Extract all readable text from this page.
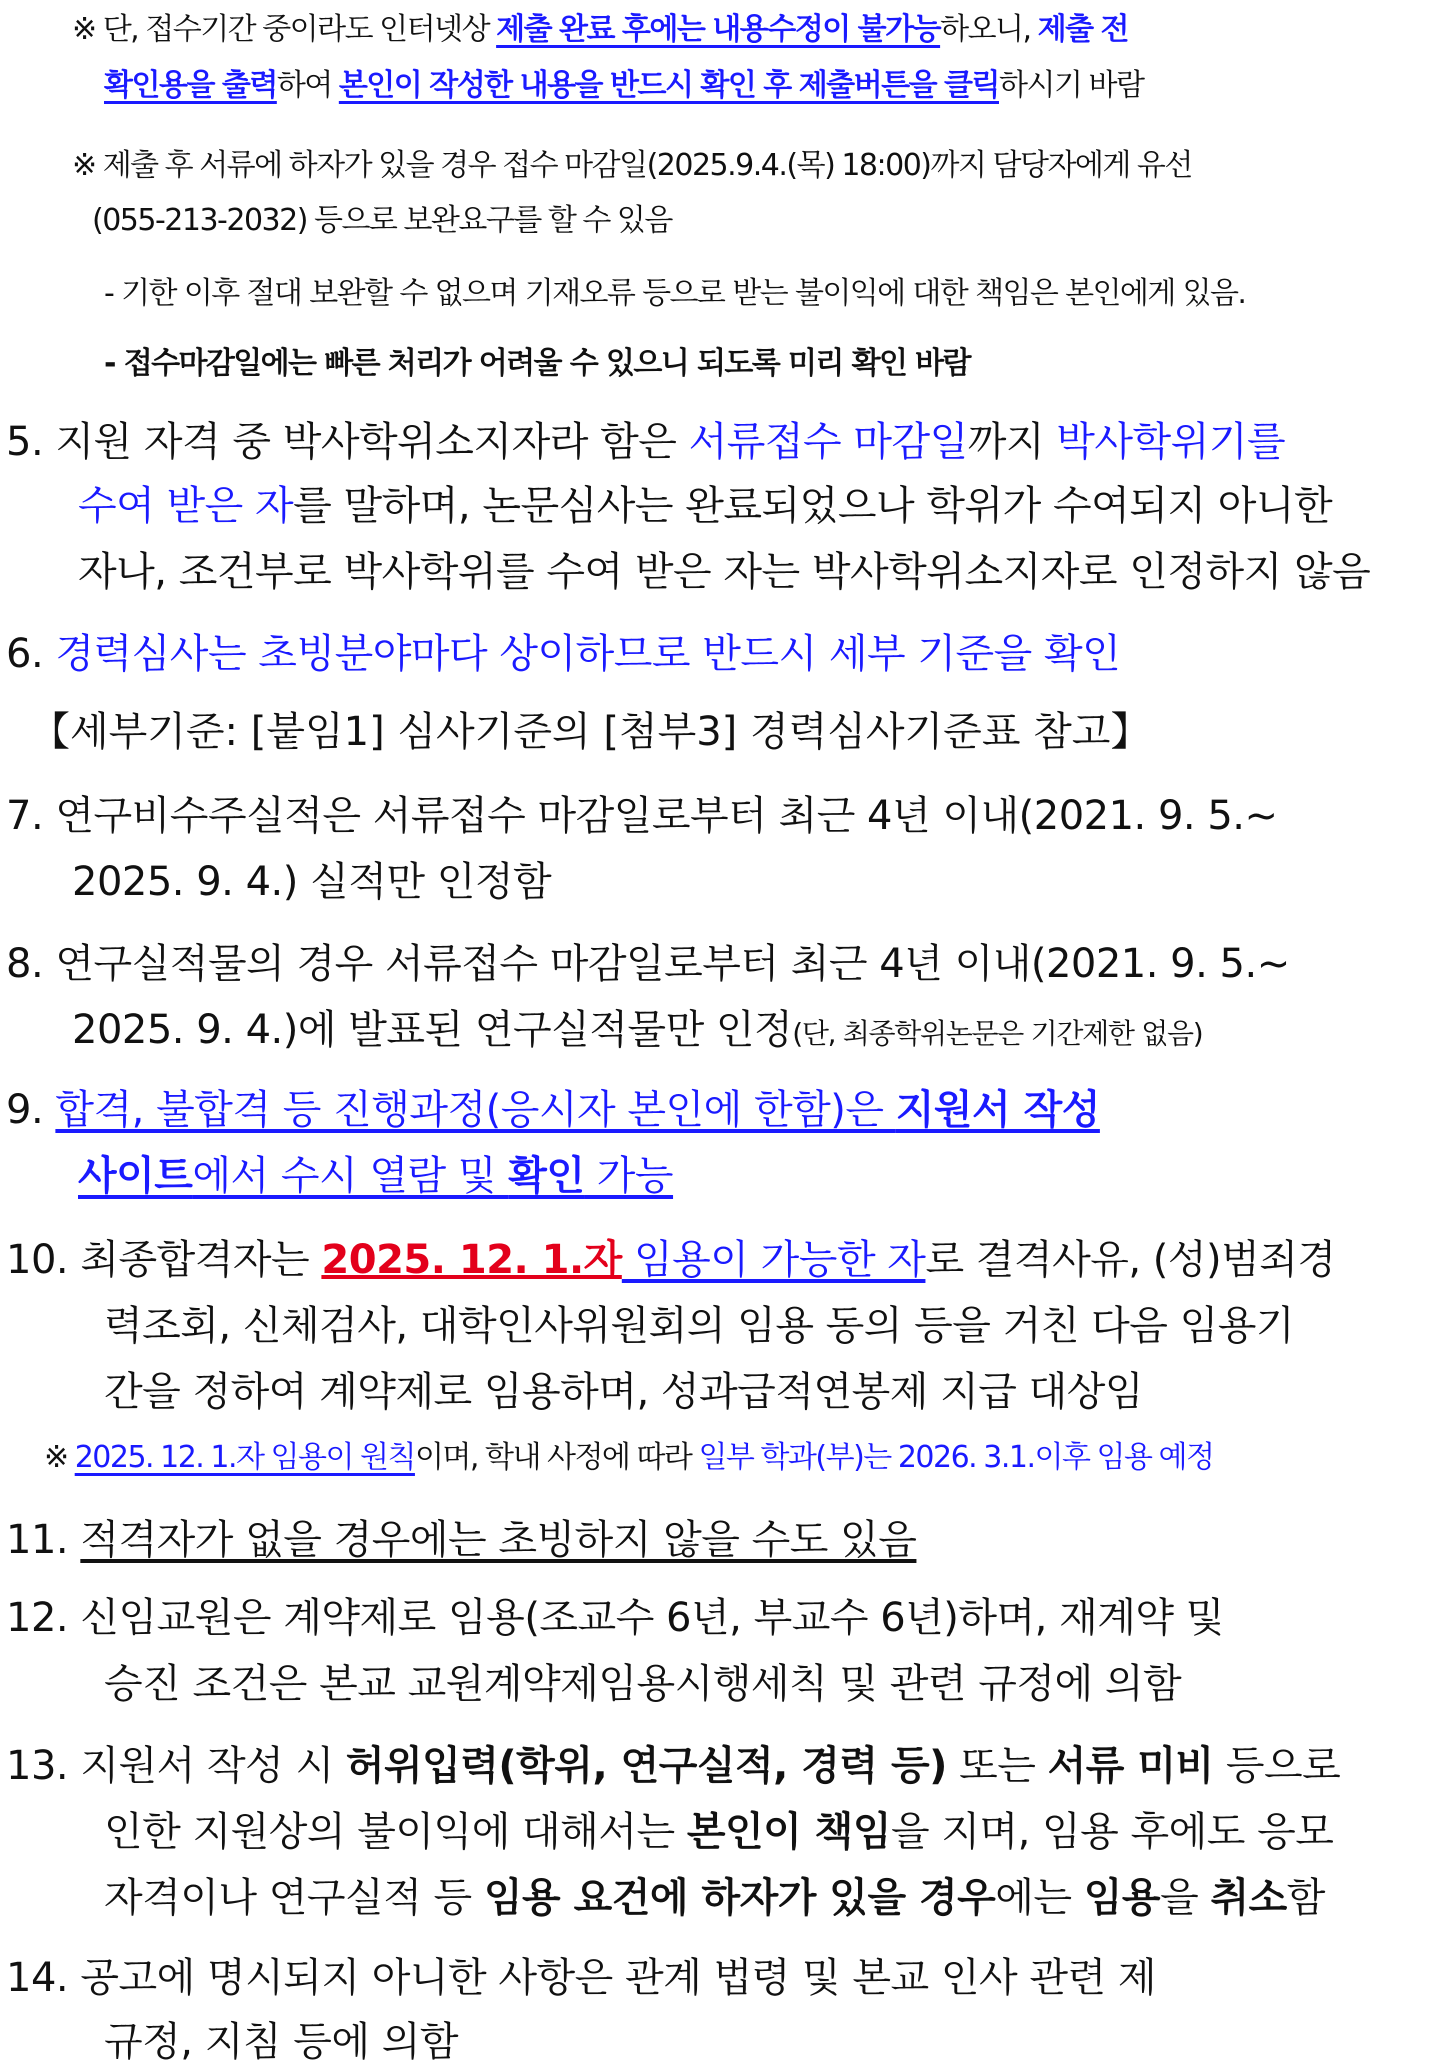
※ 단, 접수기간 중이라도 인터넷상 제출 완료 후에는 내용수정이 불가능하오니, 제출 전
확인용을 출력하여 본인이 작성한 내용을 반드시 확인 후 제출버튼을 클릭하시기 바람
※ 제출 후 서류에 하자가 있을 경우 접수 마감일(2025.9.4.(목) 18:00)까지 담당자에게 유선
(055-213-2032) 등으로 보완요구를 할 수 있음
- 기한 이후 절대 보완할 수 없으며 기재오류 등으로 받는 불이익에 대한 책임은 본인에게 있음.
- 접수마감일에는 빠른 처리가 어려울 수 있으니 되도록 미리 확인 바람
5. 지원 자격 중 박사학위소지자라 함은 서류접수 마감일까지 박사학위기를
수여 받은 자를 말하며, 논문심사는 완료되었으나 학위가 수여되지 아니한
자나, 조건부로 박사학위를 수여 받은 자는 박사학위소지자로 인정하지 않음
6. 경력심사는 초빙분야마다 상이하므로 반드시 세부 기준을 확인
【세부기준: [붙임1] 심사기준의 [첨부3] 경력심사기준표 참고】
7. 연구비수주실적은 서류접수 마감일로부터 최근 4년 이내(2021. 9. 5.~
2025. 9. 4.) 실적만 인정함
8. 연구실적물의 경우 서류접수 마감일로부터 최근 4년 이내(2021. 9. 5.~
2025. 9. 4.)에 발표된 연구실적물만 인정(단, 최종학위논문은 기간제한 없음)
9. 합격, 불합격 등 진행과정(응시자 본인에 한함)은 지원서 작성
사이트에서 수시 열람 및 확인 가능
10. 최종합격자는 2025. 12. 1.자 임용이 가능한 자로 결격사유, (성)범죄경
력조회, 신체검사, 대학인사위원회의 임용 동의 등을 거친 다음 임용기
간을 정하여 계약제로 임용하며, 성과급적연봉제 지급 대상임
※ 2025. 12. 1.자 임용이 원칙이며, 학내 사정에 따라 일부 학과(부)는 2026. 3.1.이후 임용 예정
11. 적격자가 없을 경우에는 초빙하지 않을 수도 있음
12. 신임교원은 계약제로 임용(조교수 6년, 부교수 6년)하며, 재계약 및
승진 조건은 본교 교원계약제임용시행세칙 및 관련 규정에 의함
13. 지원서 작성 시 허위입력(학위, 연구실적, 경력 등) 또는 서류 미비 등으로
인한 지원상의 불이익에 대해서는 본인이 책임을 지며, 임용 후에도 응모
자격이나 연구실적 등 임용 요건에 하자가 있을 경우에는 임용을 취소함
14. 공고에 명시되지 아니한 사항은 관계 법령 및 본교 인사 관련 제
규정, 지침 등에 의함
